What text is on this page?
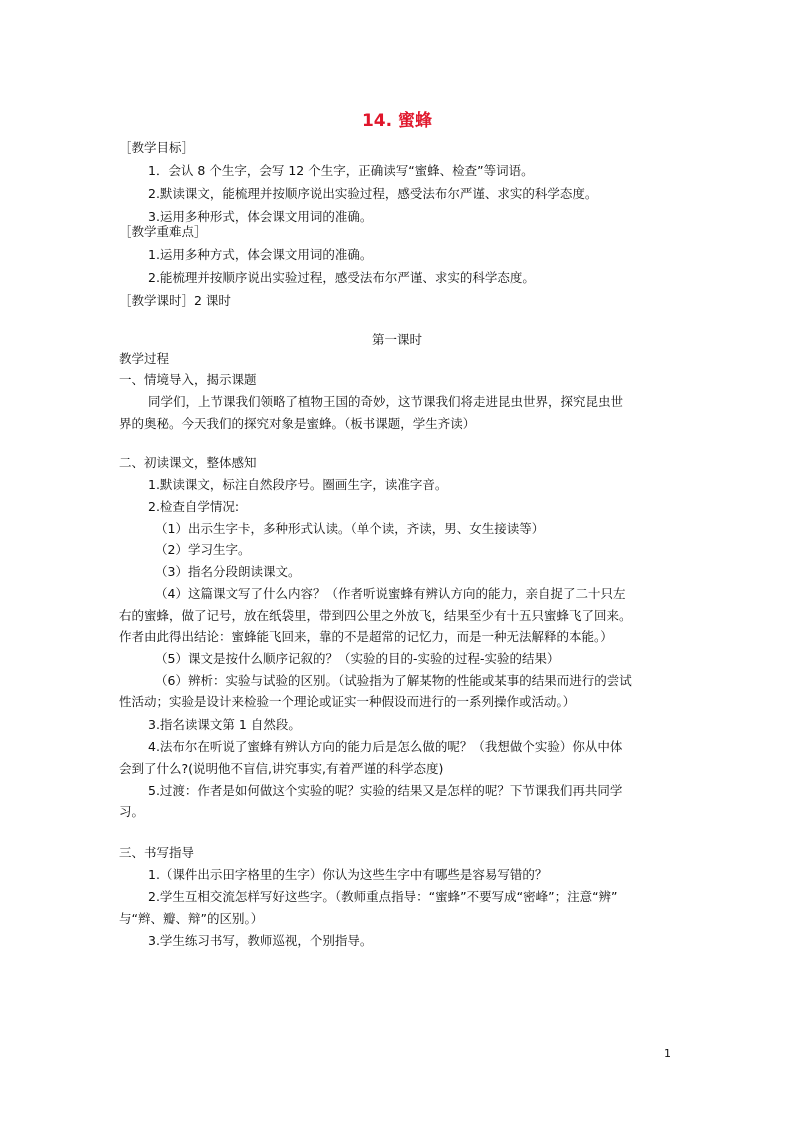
14. 蜜蜂
［教学目标］
1．会认 8 个生字，会写 12 个生字，正确读写“蜜蜂、检查”等词语。
2.默读课文，能梳理并按顺序说出实验过程，感受法布尔严谨、求实的科学态度。
3.运用多种形式，体会课文用词的准确。
［教学重难点］
1.运用多种方式，体会课文用词的准确。
2.能梳理并按顺序说出实验过程，感受法布尔严谨、求实的科学态度。
［教学课时］2 课时
第一课时
教学过程
一、情境导入，揭示课题
同学们，上节课我们领略了植物王国的奇妙，这节课我们将走进昆虫世界，探究昆虫世
界的奥秘。今天我们的探究对象是蜜蜂。（板书课题，学生齐读）
二、初读课文，整体感知
1.默读课文，标注自然段序号。圈画生字，读准字音。
2.检查自学情况:
（1）出示生字卡，多种形式认读。（单个读，齐读，男、女生接读等）
（2）学习生字。
（3）指名分段朗读课文。
（4）这篇课文写了什么内容？（作者听说蜜蜂有辨认方向的能力，亲自捉了二十只左
右的蜜蜂，做了记号，放在纸袋里，带到四公里之外放飞，结果至少有十五只蜜蜂飞了回来。
作者由此得出结论：蜜蜂能飞回来，靠的不是超常的记忆力，而是一种无法解释的本能。）
（5）课文是按什么顺序记叙的？（实验的目的-实验的过程-实验的结果）
（6）辨析：实验与试验的区别。（试验指为了解某物的性能或某事的结果而进行的尝试
性活动；实验是设计来检验一个理论或证实一种假设而进行的一系列操作或活动。）
3.指名读课文第 1 自然段。
4.法布尔在听说了蜜蜂有辨认方向的能力后是怎么做的呢？（我想做个实验）你从中体
会到了什么?(说明他不盲信,讲究事实,有着严谨的科学态度)
5.过渡：作者是如何做这个实验的呢？实验的结果又是怎样的呢？下节课我们再共同学
习。
三、书写指导
1.（课件出示田字格里的生字）你认为这些生字中有哪些是容易写错的？
2.学生互相交流怎样写好这些字。（教师重点指导：“蜜蜂”不要写成“密峰”；注意“辨”
与“辫、瓣、辩”的区别。）
3.学生练习书写，教师巡视，个别指导。
1
